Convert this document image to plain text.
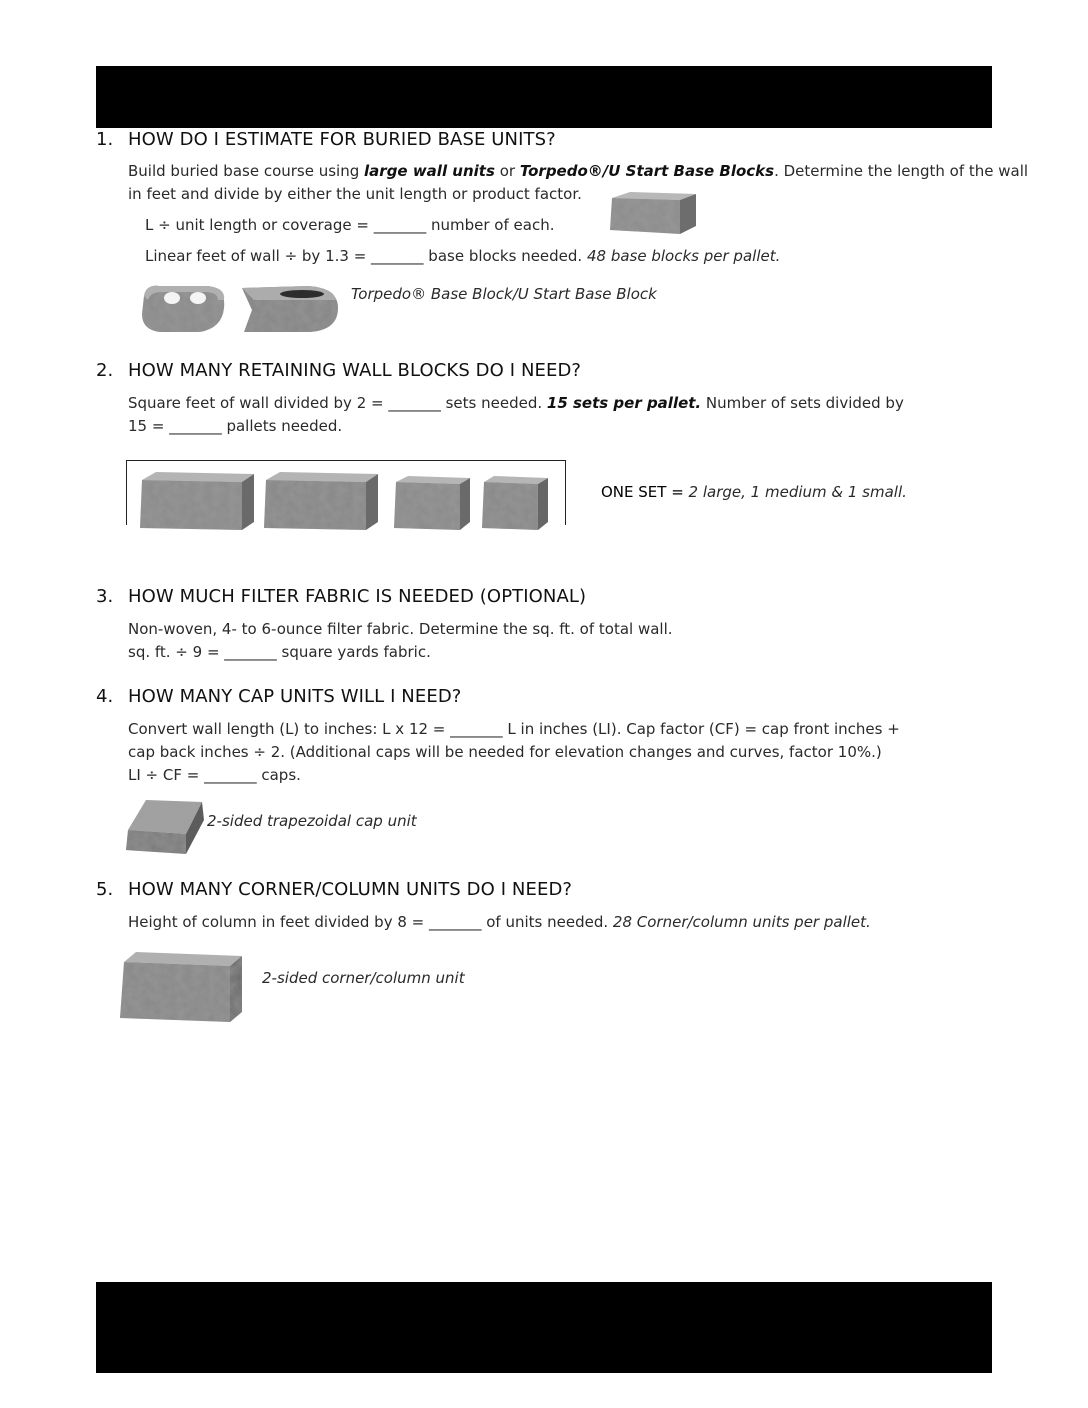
1. HOW DO I ESTIMATE FOR BURIED BASE UNITS?

Build buried base course using large wall units or Torpedo®/U Start Base Blocks. Determine the length of the wall

in feet and divide by either the unit length or product factor.

L ÷ unit length or coverage = _______ number of each.

Linear feet of wall ÷ by 1.3 = _______ base blocks needed. 48 base blocks per pallet.

Torpedo® Base Block/U Start Base Block
2. HOW MANY RETAINING WALL BLOCKS DO I NEED?

Square feet of wall divided by 2 = _______ sets needed. 15 sets per pallet. Number of sets divided by

15 = _______ pallets needed.

ONE SET = 2 large, 1 medium & 1 small.
3. HOW MUCH FILTER FABRIC IS NEEDED (OPTIONAL)

Non-woven, 4- to 6-ounce filter fabric. Determine the sq. ft. of total wall.

sq. ft. ÷ 9 = _______ square yards fabric.

4. HOW MANY CAP UNITS WILL I NEED?

Convert wall length (L) to inches: L x 12 = _______ L in inches (LI). Cap factor (CF) = cap front inches +

cap back inches ÷ 2. (Additional caps will be needed for elevation changes and curves, factor 10%.)

LI ÷ CF = _______ caps.

2-sided trapezoidal cap unit
5. HOW MANY CORNER/COLUMN UNITS DO I NEED?

Height of column in feet divided by 8 = _______ of units needed. 28 Corner/column units per pallet.

2-sided corner/column unit
